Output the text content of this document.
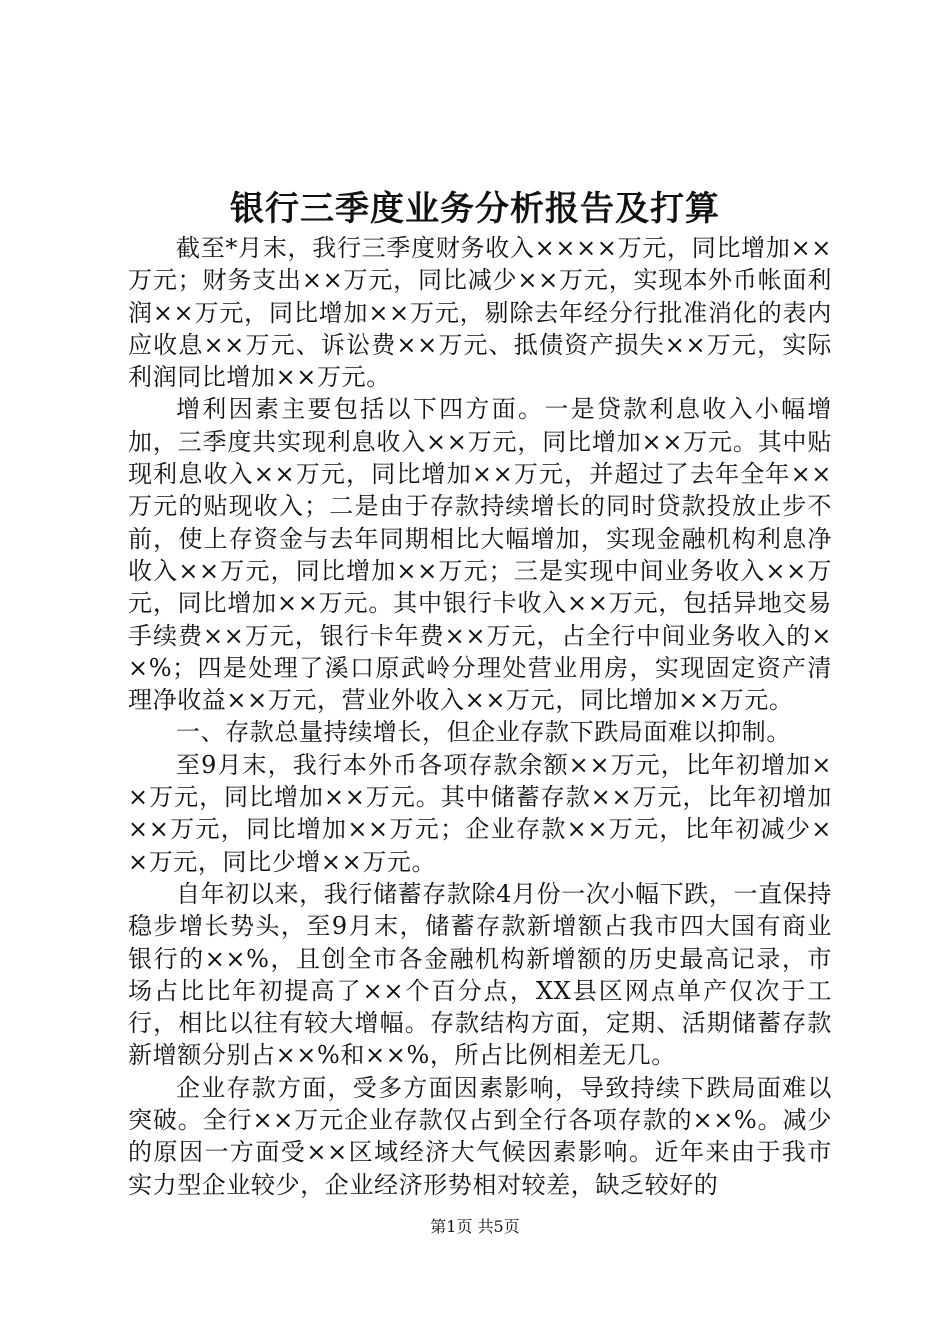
银行三季度业务分析报告及打算

截至*月末，我行三季度财务收入××××万元，同比增加××万元；财务支出××万元，同比减少××万元，实现本外币帐面利润××万元，同比增加××万元，剔除去年经分行批准消化的表内应收息××万元、诉讼费××万元、抵债资产损失××万元，实际利润同比增加××万元。

增利因素主要包括以下四方面。一是贷款利息收入小幅增加，三季度共实现利息收入××万元，同比增加××万元。其中贴现利息收入××万元，同比增加××万元，并超过了去年全年××万元的贴现收入；二是由于存款持续增长的同时贷款投放止步不前，使上存资金与去年同期相比大幅增加，实现金融机构利息净收入××万元，同比增加××万元；三是实现中间业务收入××万元，同比增加××万元。其中银行卡收入××万元，包括异地交易手续费××万元，银行卡年费××万元，占全行中间业务收入的××%；四是处理了溪口原武岭分理处营业用房，实现固定资产清理净收益××万元，营业外收入××万元，同比增加××万元。

一、存款总量持续增长，但企业存款下跌局面难以抑制。

至9月末，我行本外币各项存款余额××万元，比年初增加××万元，同比增加××万元。其中储蓄存款××万元，比年初增加××万元，同比增加××万元；企业存款××万元，比年初减少××万元，同比少增××万元。

自年初以来，我行储蓄存款除4月份一次小幅下跌，一直保持稳步增长势头，至9月末，储蓄存款新增额占我市四大国有商业银行的××%，且创全市各金融机构新增额的历史最高记录，市场占比比年初提高了××个百分点，XX县区网点单产仅次于工行，相比以往有较大增幅。存款结构方面，定期、活期储蓄存款新增额分别占××%和××%，所占比例相差无几。

企业存款方面，受多方面因素影响，导致持续下跌局面难以突破。全行××万元企业存款仅占到全行各项存款的××%。减少的原因一方面受××区域经济大气候因素影响。近年来由于我市实力型企业较少，企业经济形势相对较差，缺乏较好的

第1页 共5页
